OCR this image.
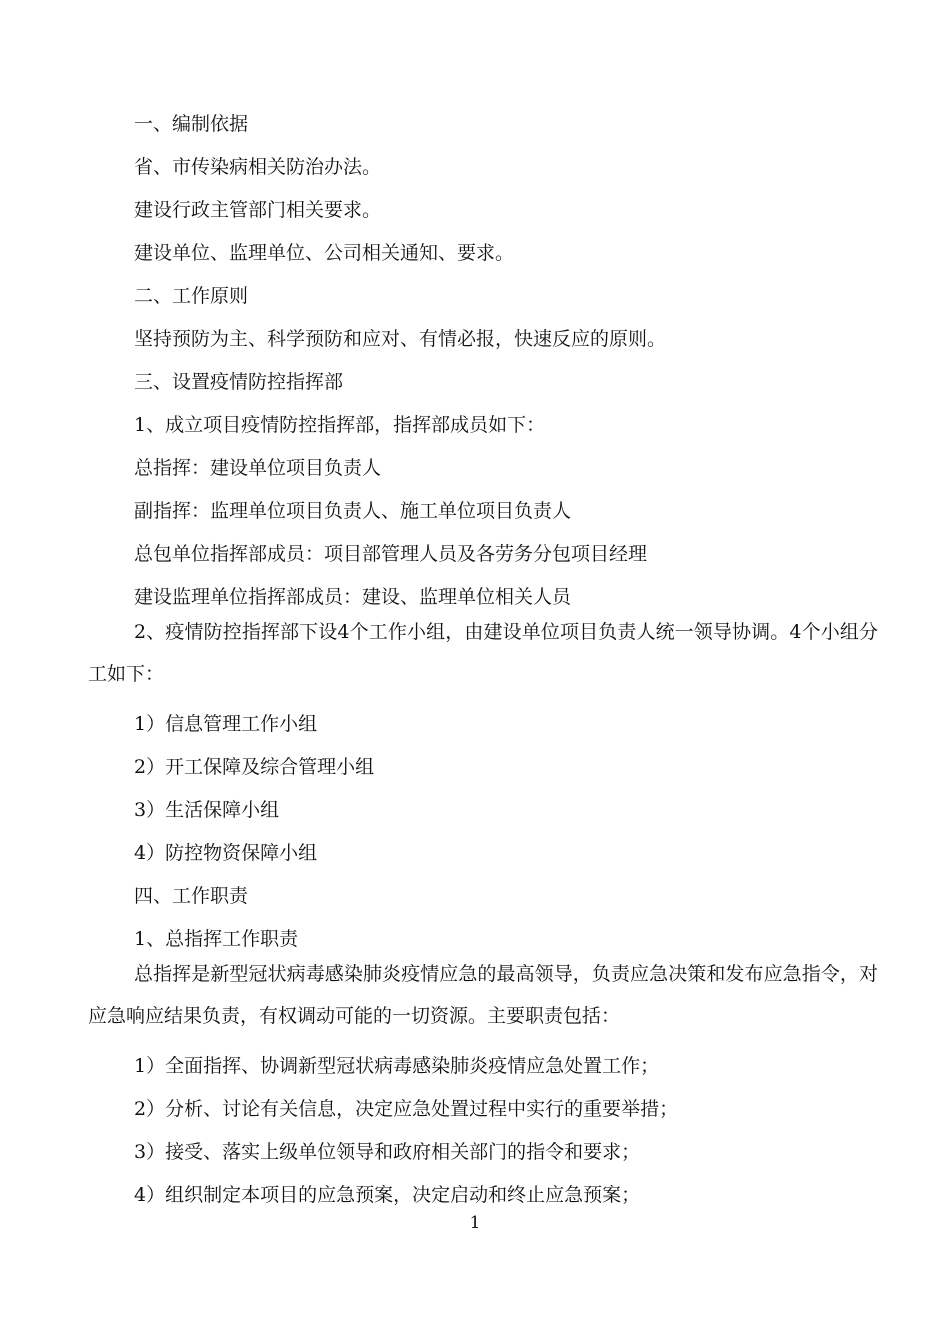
一、编制依据

省、市传染病相关防治办法。

建设行政主管部门相关要求。

建设单位、监理单位、公司相关通知、要求。

二、工作原则

坚持预防为主、科学预防和应对、有情必报，快速反应的原则。

三、设置疫情防控指挥部

1、成立项目疫情防控指挥部，指挥部成员如下：

总指挥：建设单位项目负责人

副指挥：监理单位项目负责人、施工单位项目负责人

总包单位指挥部成员：项目部管理人员及各劳务分包项目经理

建设监理单位指挥部成员：建设、监理单位相关人员

2、疫情防控指挥部下设4个工作小组，由建设单位项目负责人统一领导协调。4个小组分工如下：

1）信息管理工作小组

2）开工保障及综合管理小组

3）生活保障小组

4）防控物资保障小组

四、工作职责

1、总指挥工作职责

总指挥是新型冠状病毒感染肺炎疫情应急的最高领导，负责应急决策和发布应急指令，对应急响应结果负责，有权调动可能的一切资源。主要职责包括：

1）全面指挥、协调新型冠状病毒感染肺炎疫情应急处置工作；

2）分析、讨论有关信息，决定应急处置过程中实行的重要举措；

3）接受、落实上级单位领导和政府相关部门的指令和要求；

4）组织制定本项目的应急预案，决定启动和终止应急预案；

1
